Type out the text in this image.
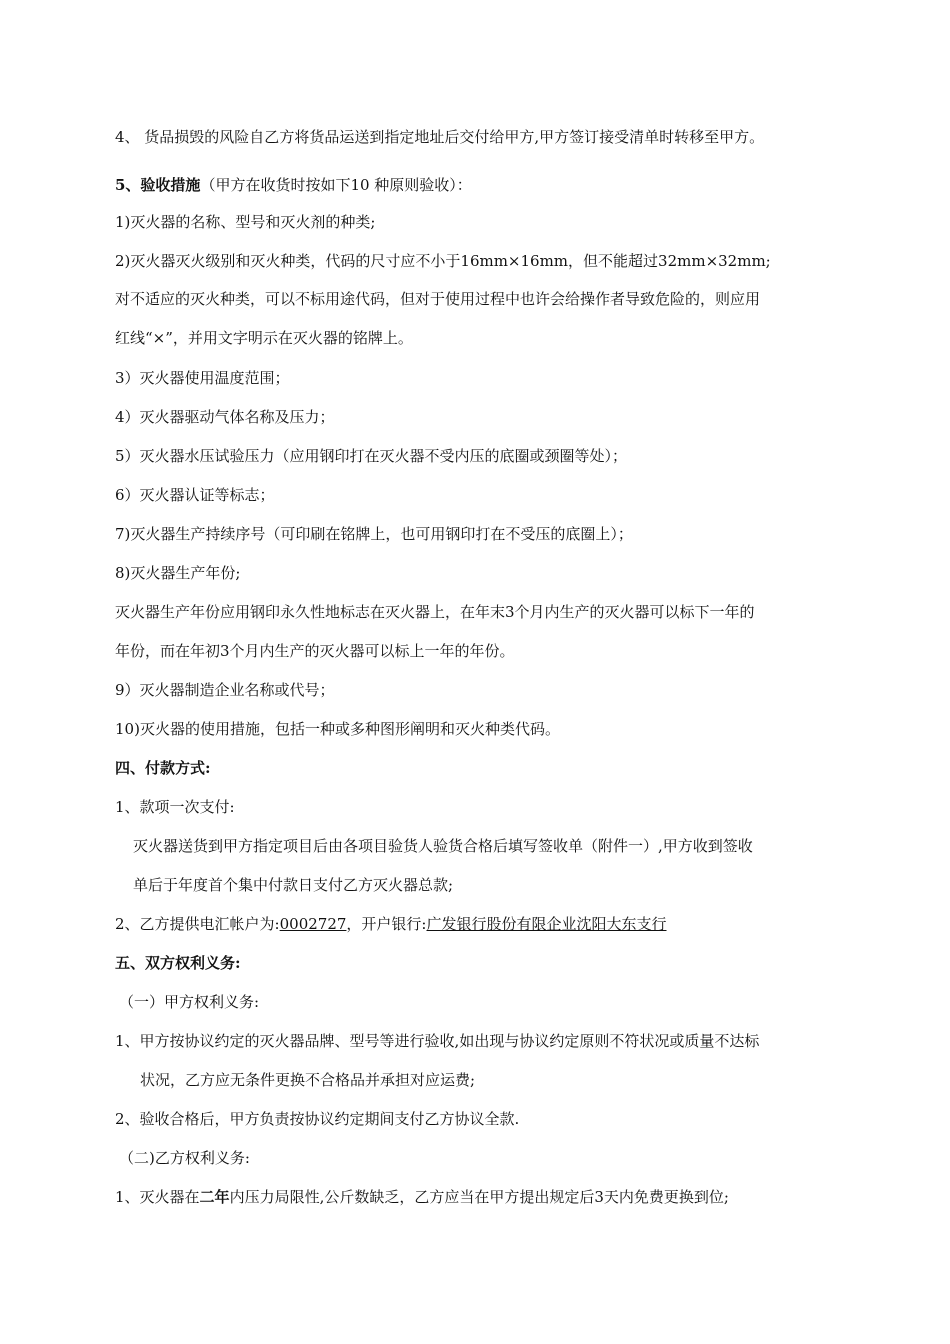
4、 货品损毁的风险自乙方将货品运送到指定地址后交付给甲方,甲方签订接受清单时转移至甲方。
5、验收措施（甲方在收货时按如下10 种原则验收）：
1)灭火器的名称、型号和灭火剂的种类;
2)灭火器灭火级别和灭火种类，代码的尺寸应不小于16mm×16mm，但不能超过32mm×32mm;
对不适应的灭火种类，可以不标用途代码，但对于使用过程中也许会给操作者导致危险的，则应用
红线“×”，并用文字明示在灭火器的铭牌上。
3）灭火器使用温度范围；
4）灭火器驱动气体名称及压力；
5）灭火器水压试验压力（应用钢印打在灭火器不受内压的底圈或颈圈等处）；
6）灭火器认证等标志；
7)灭火器生产持续序号（可印刷在铭牌上，也可用钢印打在不受压的底圈上）；
8)灭火器生产年份;
灭火器生产年份应用钢印永久性地标志在灭火器上，在年末3个月内生产的灭火器可以标下一年的
年份，而在年初3个月内生产的灭火器可以标上一年的年份。
9）灭火器制造企业名称或代号；
10)灭火器的使用措施，包括一种或多种图形阐明和灭火种类代码。
四、付款方式:
1、款项一次支付:
灭火器送货到甲方指定项目后由各项目验货人验货合格后填写签收单（附件一）,甲方收到签收
单后于年度首个集中付款日支付乙方灭火器总款;
2、乙方提供电汇帐户为:0002727，开户银行:广发银行股份有限企业沈阳大东支行
五、双方权利义务:
（一）甲方权利义务:
1、甲方按协议约定的灭火器品牌、型号等进行验收,如出现与协议约定原则不符状况或质量不达标
状况，乙方应无条件更换不合格品并承担对应运费;
2、验收合格后，甲方负责按协议约定期间支付乙方协议全款.
（二)乙方权利义务:
1、灭火器在二年内压力局限性,公斤数缺乏，乙方应当在甲方提出规定后3天内免费更换到位;
